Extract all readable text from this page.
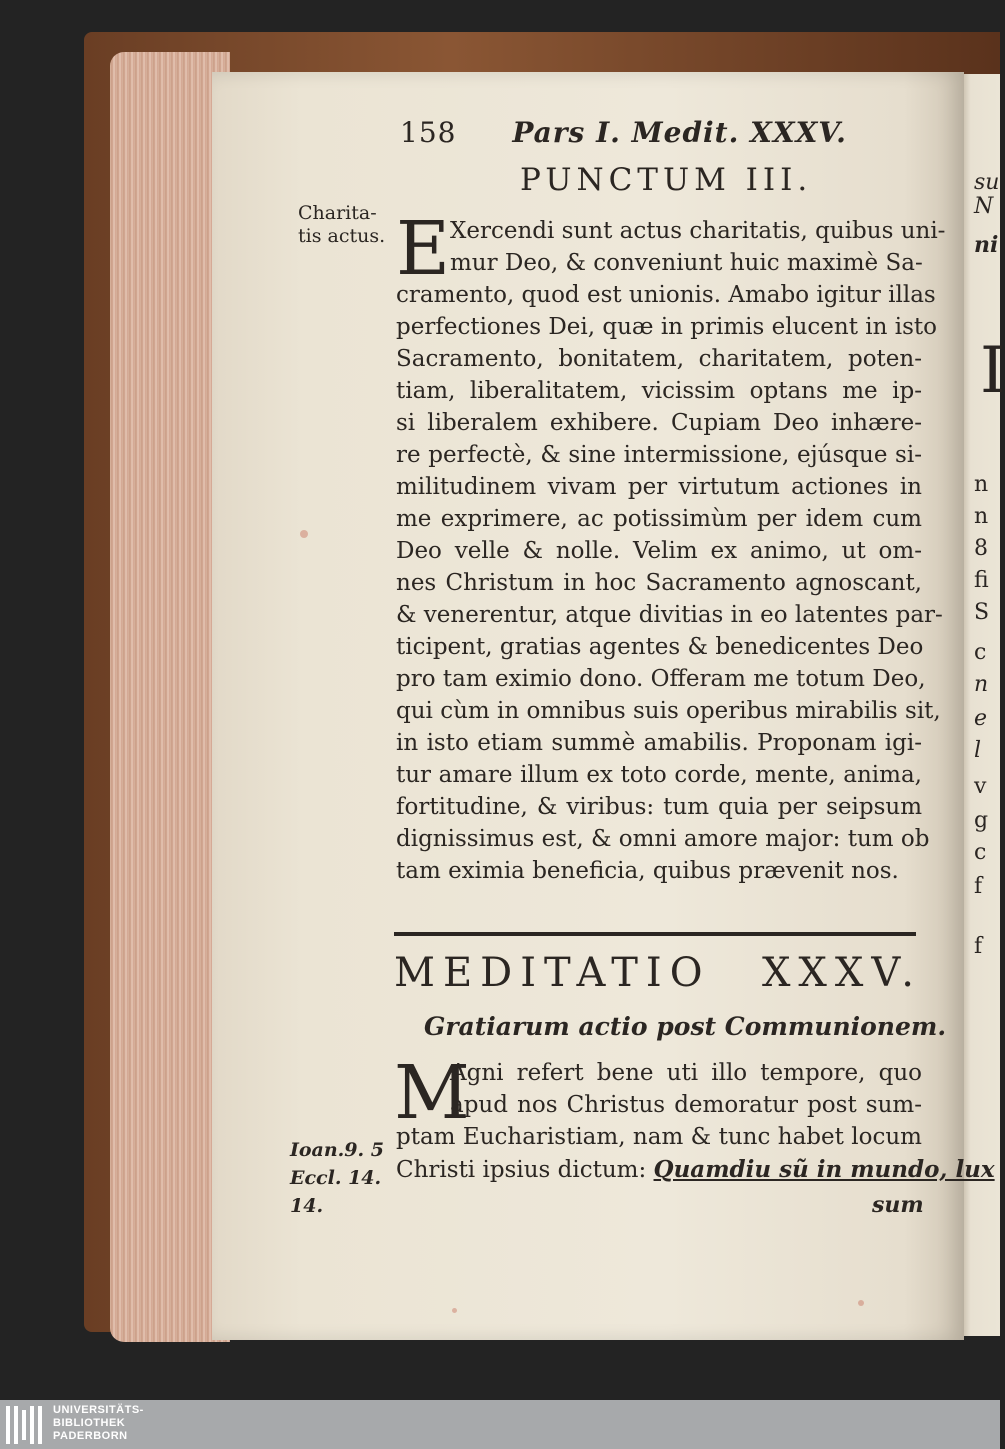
su
N
ni
I
n
n
8
fi
S
c
n
e
l
v
g
c
f
f
158 Pars I. Medit. XXXV.
PUNCTUM III.
Charita-
tis actus. E Xercendi sunt actus charitatis, quibus uni-
mur Deo, & conveniunt huic maximè Sa-
cramento, quod est unionis. Amabo igitur illas
perfectiones Dei, quæ in primis elucent in isto
Sacramento, bonitatem, charitatem, poten-
tiam, liberalitatem, vicissim optans me ip-
si liberalem exhibere. Cupiam Deo inhære-
re perfectè, & sine intermissione, ejúsque si-
militudinem vivam per virtutum actiones in
me exprimere, ac potissimùm per idem cum
Deo velle & nolle. Velim ex animo, ut om-
nes Christum in hoc Sacramento agnoscant,
& venerentur, atque divitias in eo latentes par-
ticipent, gratias agentes & benedicentes Deo
pro tam eximio dono. Offeram me totum Deo,
qui cùm in omnibus suis operibus mirabilis sit,
in isto etiam summè amabilis. Proponam igi-
tur amare illum ex toto corde, mente, anima,
fortitudine, & viribus: tum quia per seipsum
dignissimus est, & omni amore major: tum ob
tam eximia beneficia, quibus prævenit nos.
MEDITATIO XXXV.
Gratiarum actio post Communionem.
M
Agni refert bene uti illo tempore, quo
apud nos Christus demoratur post sum-
ptam Eucharistiam, nam & tunc habet locum
Christi ipsius dictum: Quamdiu sũ in mundo, lux
Ioan.9. 5
Eccl. 14.
14.	sum
UNIVERSITÄTS-
BIBLIOTHEK
PADERBORN
